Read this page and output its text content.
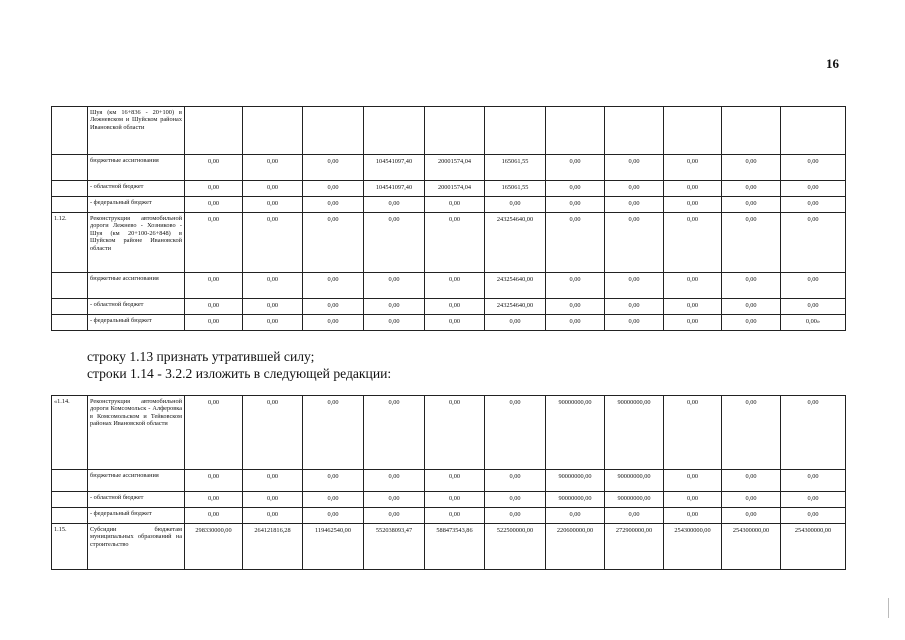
16
	Шуя (км 16+836 - 20+100) в Лежневском и Шуйском районах Ивановской области											
	бюджетные ассигнования	0,00	0,00	0,00	104541097,40	20001574,04	165061,55	0,00	0,00	0,00	0,00	0,00
	- областной бюджет	0,00	0,00	0,00	104541097,40	20001574,04	165061,55	0,00	0,00	0,00	0,00	0,00
	- федеральный бюджет	0,00	0,00	0,00	0,00	0,00	0,00	0,00	0,00	0,00	0,00	0,00
1.12.	Реконструкция автомобильной дороги Лежнево - Хозниково - Шуя (км 20+100-26+848) в Шуйском районе Ивановской области	0,00	0,00	0,00	0,00	0,00	243254640,00	0,00	0,00	0,00	0,00	0,00
	бюджетные ассигнования	0,00	0,00	0,00	0,00	0,00	243254640,00	0,00	0,00	0,00	0,00	0,00
	- областной бюджет	0,00	0,00	0,00	0,00	0,00	243254640,00	0,00	0,00	0,00	0,00	0,00
	- федеральный бюджет	0,00	0,00	0,00	0,00	0,00	0,00	0,00	0,00	0,00	0,00	0,00»
строку 1.13 признать утратившей силу;
строки 1.14 - 3.2.2 изложить в следующей редакции:
«1.14.	Реконструкция автомобильной дороги Комсомольск - Алферовка в Комсомольском и Тейковском районах Ивановской области	0,00	0,00	0,00	0,00	0,00	0,00	90000000,00	90000000,00	0,00	0,00	0,00
	бюджетные ассигнования	0,00	0,00	0,00	0,00	0,00	0,00	90000000,00	90000000,00	0,00	0,00	0,00
	- областной бюджет	0,00	0,00	0,00	0,00	0,00	0,00	90000000,00	90000000,00	0,00	0,00	0,00
	- федеральный бюджет	0,00	0,00	0,00	0,00	0,00	0,00	0,00	0,00	0,00	0,00	0,00
1.15.	Субсидии бюджетам муниципальных образований на строительство	298330000,00	264121816,28	119462540,00	552038093,47	588473543,86	522500000,00	220600000,00	272900000,00	254300000,00	254300000,00	254300000,00
